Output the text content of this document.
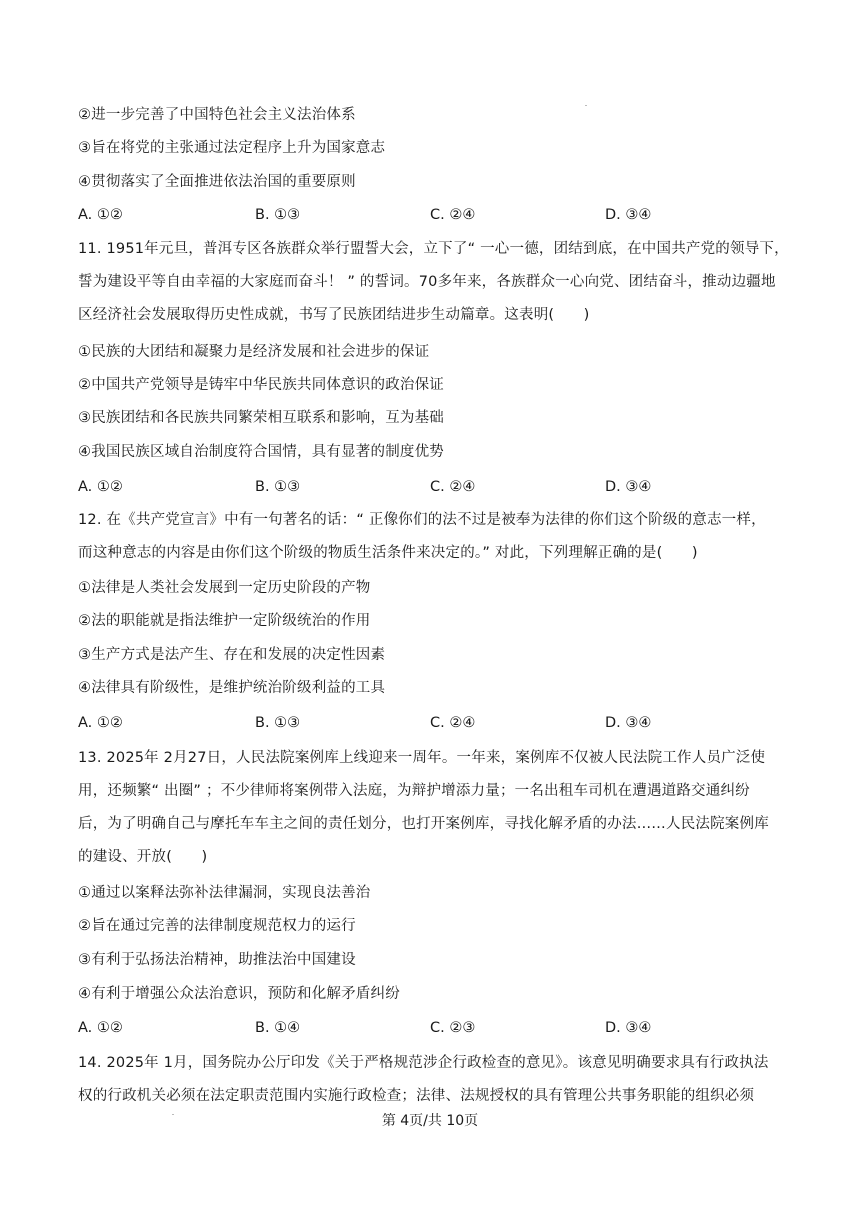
②进一步完善了中国特色社会主义法治体系
③旨在将党的主张通过法定程序上升为国家意志
④贯彻落实了全面推进依法治国的重要原则
A. ①②	B. ①③	C. ②④	D. ③④
11. 1951年元旦，普洱专区各族群众举行盟誓大会，立下了“ 一心一德，团结到底，在中国共产党的领导下，
誓为建设平等自由幸福的大家庭而奋斗！ ” 的誓词。70多年来，各族群众一心向党、团结奋斗，推动边疆地
区经济社会发展取得历史性成就，书写了民族团结进步生动篇章。这表明(　　)
①民族的大团结和凝聚力是经济发展和社会进步的保证
②中国共产党领导是铸牢中华民族共同体意识的政治保证
③民族团结和各民族共同繁荣相互联系和影响，互为基础
④我国民族区域自治制度符合国情，具有显著的制度优势
A. ①②	B. ①③	C. ②④	D. ③④
12. 在《共产党宣言》中有一句著名的话：“ 正像你们的法不过是被奉为法律的你们这个阶级的意志一样，
而这种意志的内容是由你们这个阶级的物质生活条件来决定的。” 对此，下列理解正确的是(　　)
①法律是人类社会发展到一定历史阶段的产物
②法的职能就是指法维护一定阶级统治的作用
③生产方式是法产生、存在和发展的决定性因素
④法律具有阶级性，是维护统治阶级利益的工具
A. ①②	B. ①③	C. ②④	D. ③④
13. 2025年 2月27日，人民法院案例库上线迎来一周年。一年来，案例库不仅被人民法院工作人员广泛使
用，还频繁“ 出圈” ；不少律师将案例带入法庭，为辩护增添力量；一名出租车司机在遭遇道路交通纠纷
后，为了明确自己与摩托车车主之间的责任划分，也打开案例库，寻找化解矛盾的办法……人民法院案例库
的建设、开放(　　)
①通过以案释法弥补法律漏洞，实现良法善治
②旨在通过完善的法律制度规范权力的运行
③有利于弘扬法治精神，助推法治中国建设
④有利于增强公众法治意识，预防和化解矛盾纠纷
A. ①②	B. ①④	C. ②③	D. ③④
14. 2025年 1月，国务院办公厅印发《关于严格规范涉企行政检查的意见》。该意见明确要求具有行政执法
权的行政机关必须在法定职责范围内实施行政检查；法律、法规授权的具有管理公共事务职能的组织必须
第 4页/共 10页
